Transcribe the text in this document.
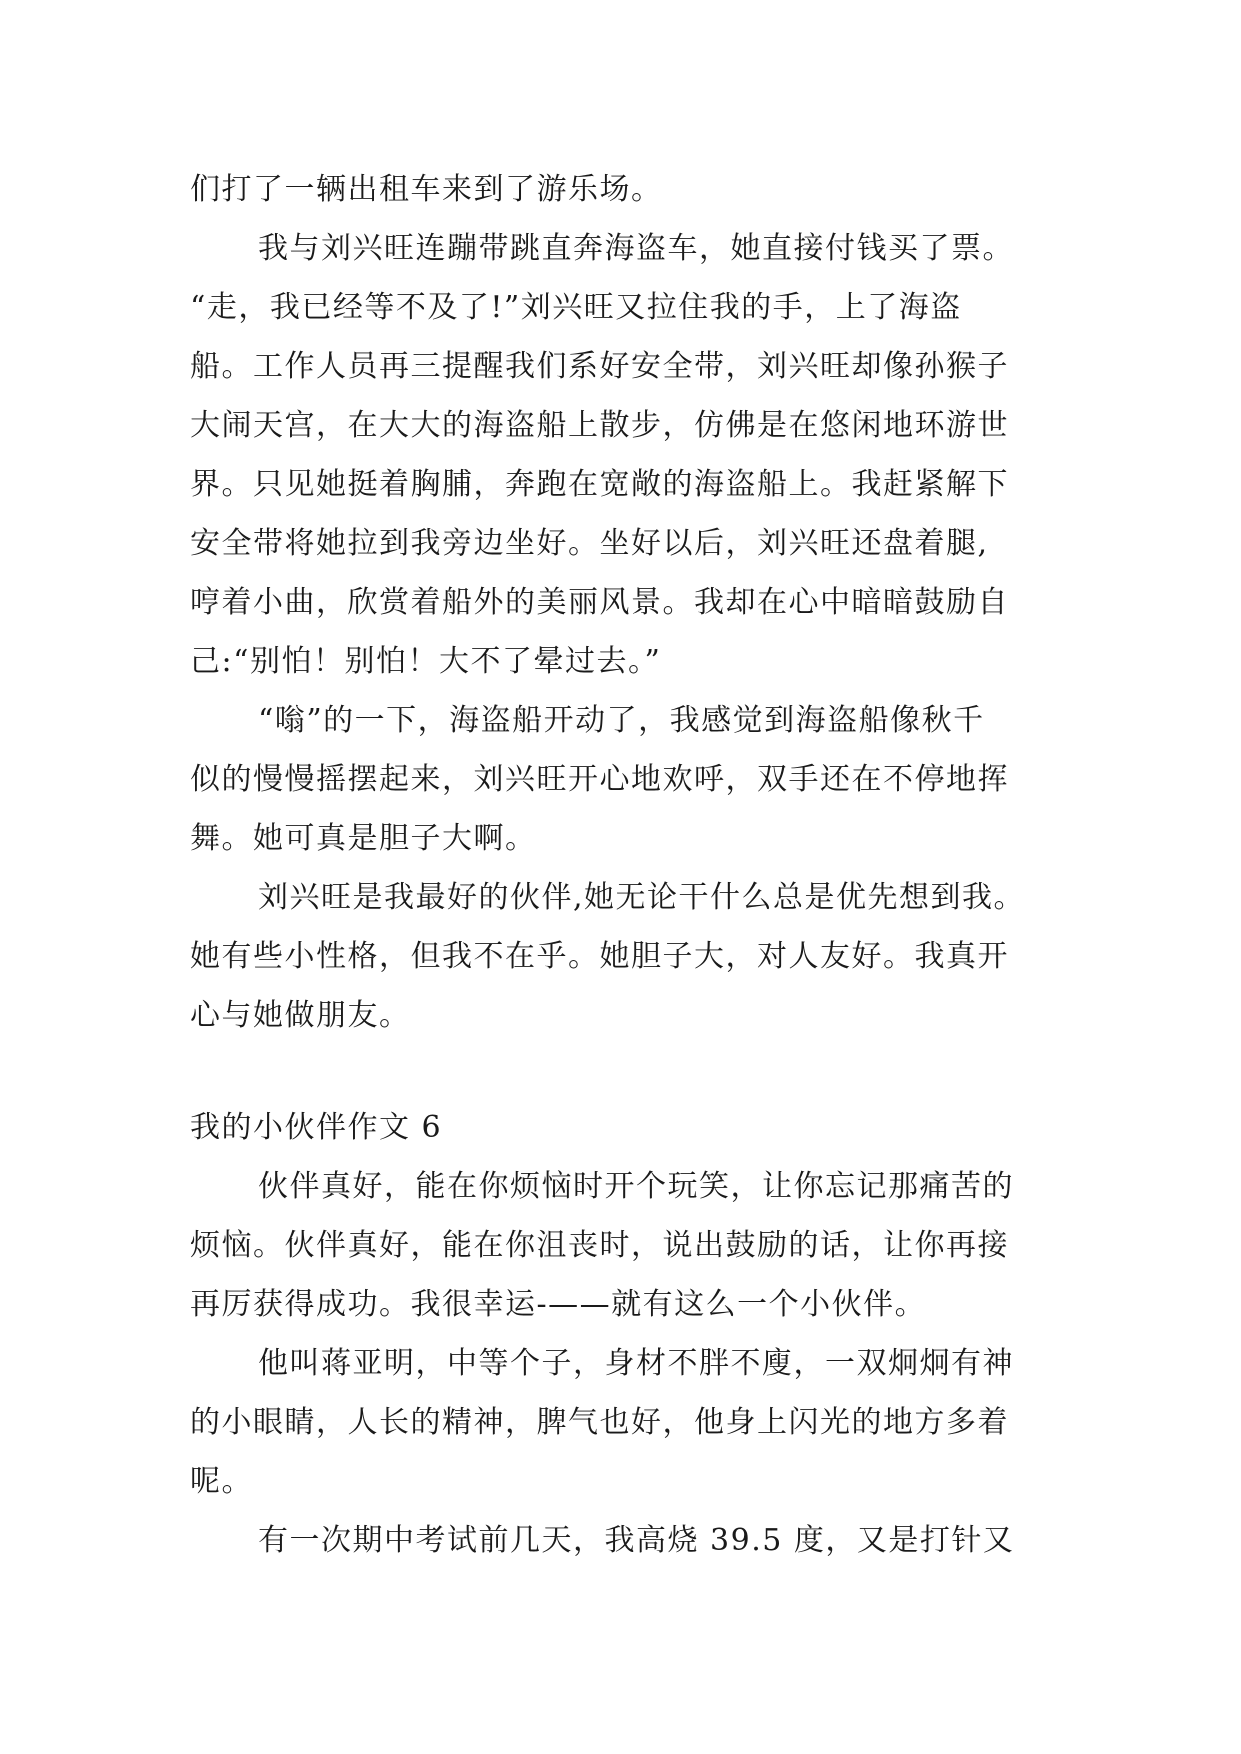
们打了一辆出租车来到了游乐场。
我与刘兴旺连蹦带跳直奔海盗车，她直接付钱买了票。
“走，我已经等不及了!”刘兴旺又拉住我的手，上了海盗
船。工作人员再三提醒我们系好安全带，刘兴旺却像孙猴子
大闹天宫，在大大的海盗船上散步，仿佛是在悠闲地环游世
界。只见她挺着胸脯，奔跑在宽敞的海盗船上。我赶紧解下
安全带将她拉到我旁边坐好。坐好以后，刘兴旺还盘着腿,
哼着小曲，欣赏着船外的美丽风景。我却在心中暗暗鼓励自
己:“别怕！别怕！大不了晕过去。”
“嗡”的一下，海盗船开动了，我感觉到海盗船像秋千
似的慢慢摇摆起来，刘兴旺开心地欢呼，双手还在不停地挥
舞。她可真是胆子大啊。
刘兴旺是我最好的伙伴,她无论干什么总是优先想到我。
她有些小性格，但我不在乎。她胆子大，对人友好。我真开
心与她做朋友。
我的小伙伴作文 6
伙伴真好，能在你烦恼时开个玩笑，让你忘记那痛苦的
烦恼。伙伴真好，能在你沮丧时，说出鼓励的话，让你再接
再厉获得成功。我很幸运-——就有这么一个小伙伴。
他叫蒋亚明，中等个子，身材不胖不廋，一双炯炯有神
的小眼睛，人长的精神，脾气也好，他身上闪光的地方多着
呢。
有一次期中考试前几天，我高烧 39.5 度，又是打针又
